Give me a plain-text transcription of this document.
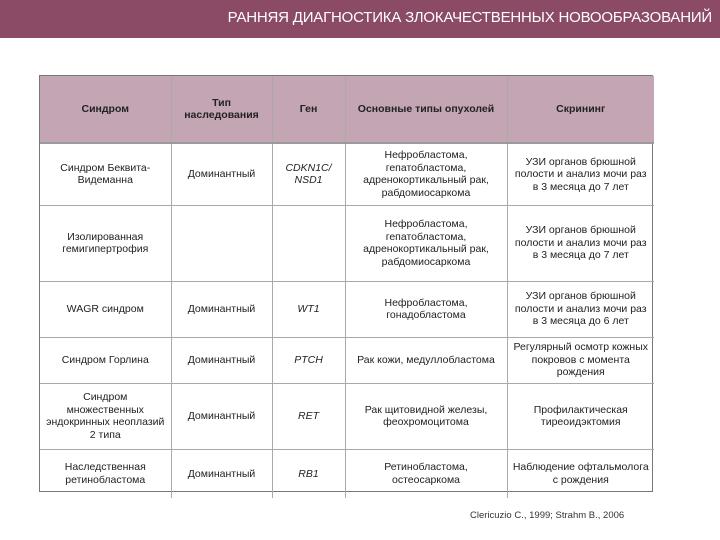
РАННЯЯ ДИАГНОСТИКА ЗЛОКАЧЕСТВЕННЫХ НОВООБРАЗОВАНИЙ
Синдром	Тип наследования	Ген	Основные типы опухолей	Скрининг
Синдром Беквита-Видеманна	Доминантный	CDKN1C/ NSD1	Нефробластома, гепатобластома, адренокортикальный рак, рабдомиосаркома	УЗИ органов брюшной полости и анализ мочи раз в 3 месяца до 7 лет
Изолированная гемигипертрофия			Нефробластома, гепатобластома, адренокортикальный рак, рабдомиосаркома	УЗИ органов брюшной полости и анализ мочи раз в 3 месяца до 7 лет
WAGR синдром	Доминантный	WT1	Нефробластома, гонадобластома	УЗИ органов брюшной полости и анализ мочи раз в 3 месяца до 6 лет
Синдром Горлина	Доминантный	PTCH	Рак кожи, медуллобластома	Регулярный осмотр кожных покровов с момента рождения
Синдром множественных эндокринных неоплазий 2 типа	Доминантный	RET	Рак щитовидной железы, феохромоцитома	Профилактическая тиреоидэктомия
Наследственная ретинобластома	Доминантный	RB1	Ретинобластома, остеосаркома	Наблюдение офтальмолога с рождения
Clericuzio C., 1999; Strahm B., 2006
